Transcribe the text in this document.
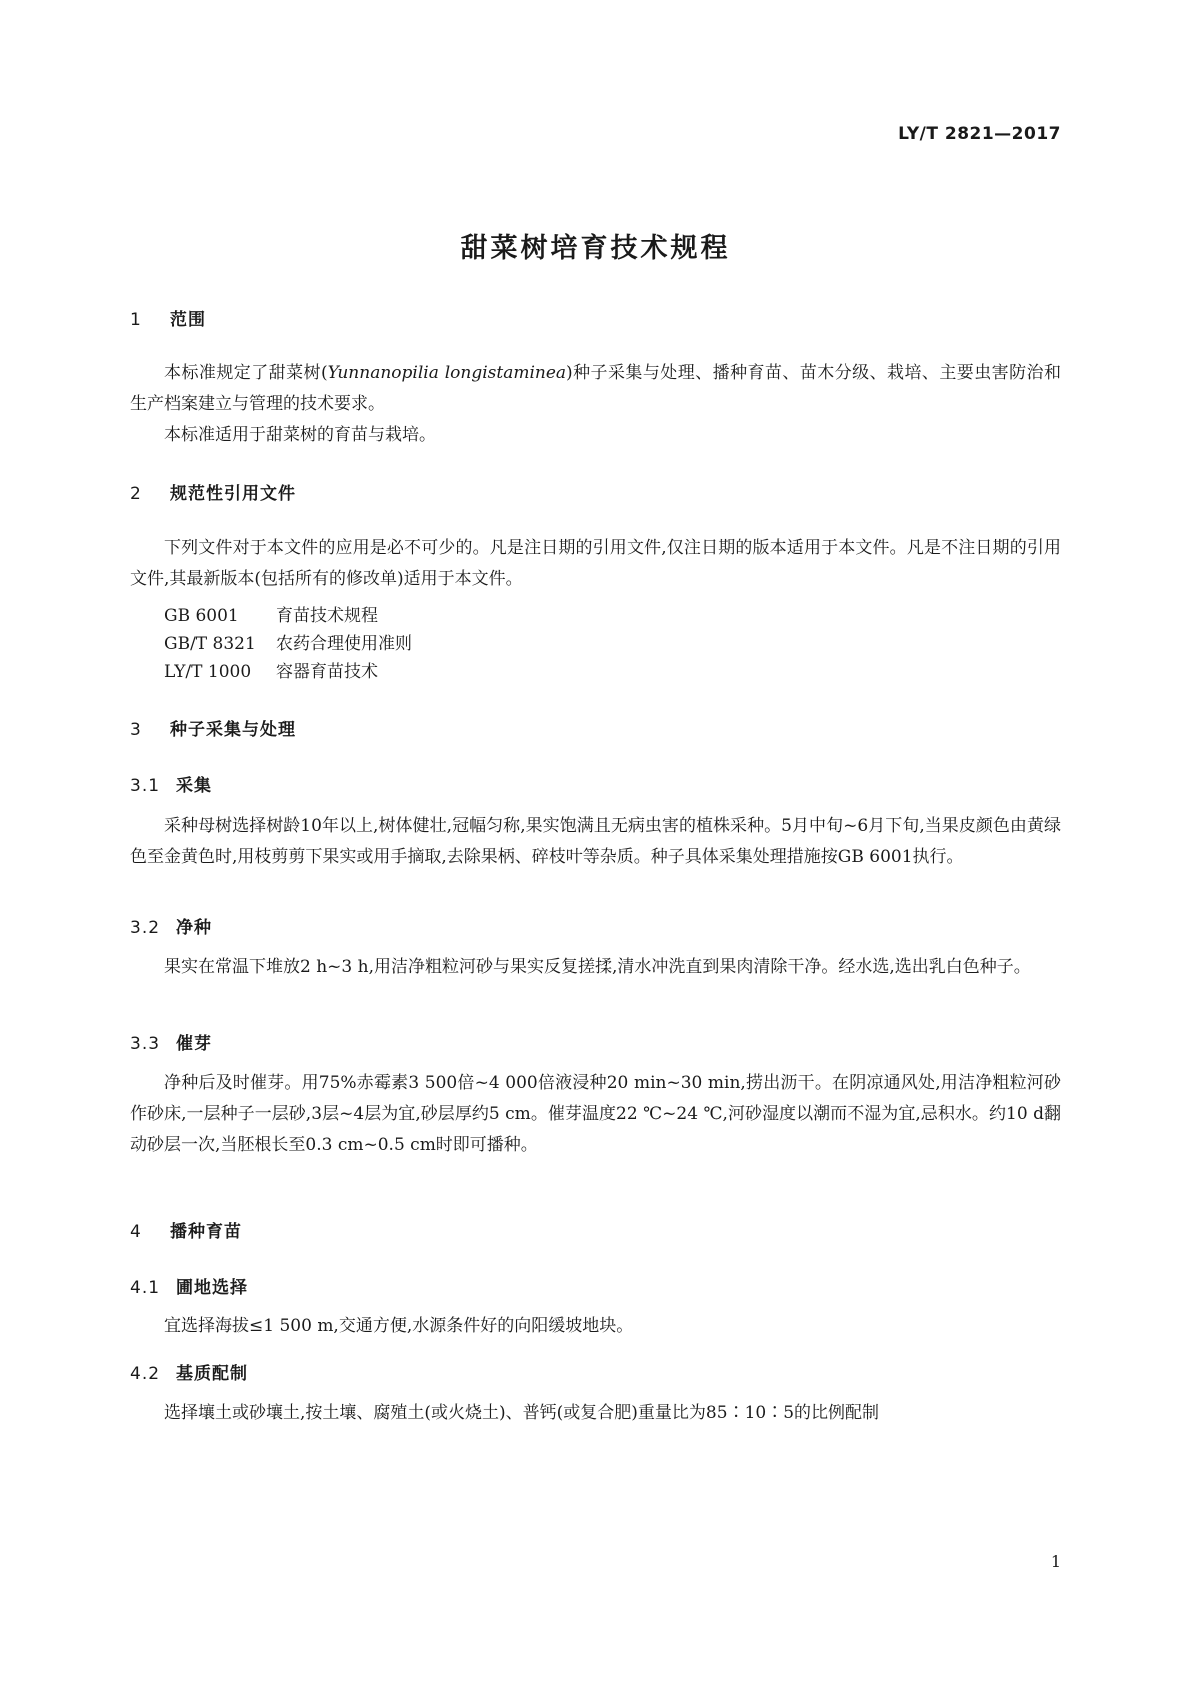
LY/T 2821—2017
甜菜树培育技术规程
1 范围
本标准规定了甜菜树(Yunnanopilia longistaminea)种子采集与处理、播种育苗、苗木分级、栽培、主要虫害防治和生产档案建立与管理的技术要求。
本标准适用于甜菜树的育苗与栽培。
2 规范性引用文件
下列文件对于本文件的应用是必不可少的。凡是注日期的引用文件,仅注日期的版本适用于本文件。凡是不注日期的引用文件,其最新版本(包括所有的修改单)适用于本文件。
GB 6001 育苗技术规程
GB/T 8321 农药合理使用准则
LY/T 1000 容器育苗技术
3 种子采集与处理
3.1 采集
采种母树选择树龄10年以上,树体健壮,冠幅匀称,果实饱满且无病虫害的植株采种。5月中旬~6月下旬,当果皮颜色由黄绿色至金黄色时,用枝剪剪下果实或用手摘取,去除果柄、碎枝叶等杂质。种子具体采集处理措施按GB 6001执行。
3.2 净种
果实在常温下堆放2 h~3 h,用洁净粗粒河砂与果实反复搓揉,清水冲洗直到果肉清除干净。经水选,选出乳白色种子。
3.3 催芽
净种后及时催芽。用75%赤霉素3 500倍~4 000倍液浸种20 min~30 min,捞出沥干。在阴凉通风处,用洁净粗粒河砂作砂床,一层种子一层砂,3层~4层为宜,砂层厚约5 cm。催芽温度22 ℃~24 ℃,河砂湿度以潮而不湿为宜,忌积水。约10 d翻动砂层一次,当胚根长至0.3 cm~0.5 cm时即可播种。
4 播种育苗
4.1 圃地选择
宜选择海拔≤1 500 m,交通方便,水源条件好的向阳缓坡地块。
4.2 基质配制
选择壤土或砂壤土,按土壤、腐殖土(或火烧土)、普钙(或复合肥)重量比为85∶10∶5的比例配制
1
